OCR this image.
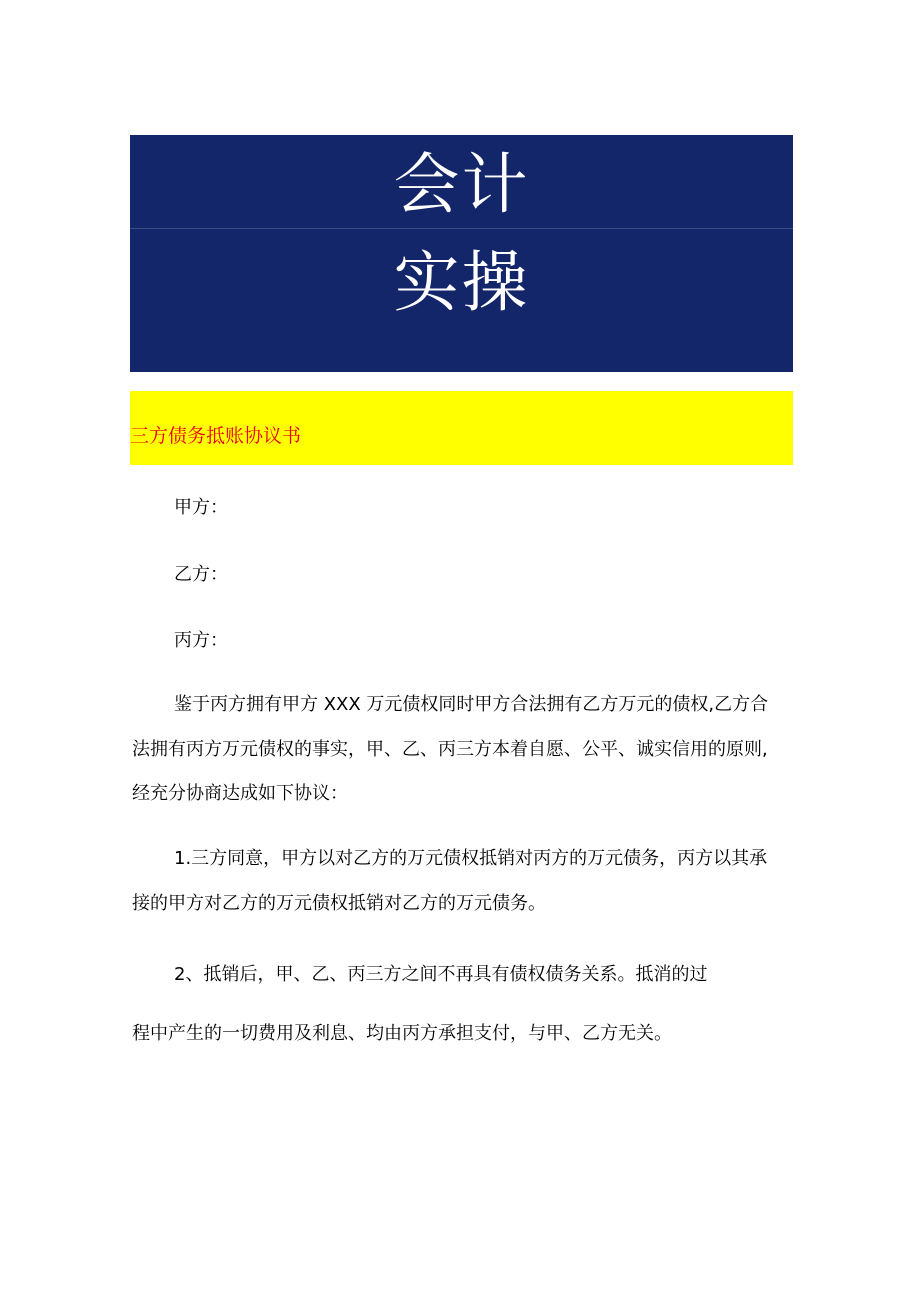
会计
实操
三方债务抵账协议书
甲方：
乙方：
丙方：
鉴于丙方拥有甲方 XXX 万元债权同时甲方合法拥有乙方万元的债权,乙方合
法拥有丙方万元债权的事实，甲、乙、丙三方本着自愿、公平、诚实信用的原则,
经充分协商达成如下协议：
1.三方同意，甲方以对乙方的万元债权抵销对丙方的万元债务，丙方以其承
接的甲方对乙方的万元债权抵销对乙方的万元债务。
2、抵销后，甲、乙、丙三方之间不再具有债权债务关系。抵消的过
程中产生的一切费用及利息、均由丙方承担支付，与甲、乙方无关。
